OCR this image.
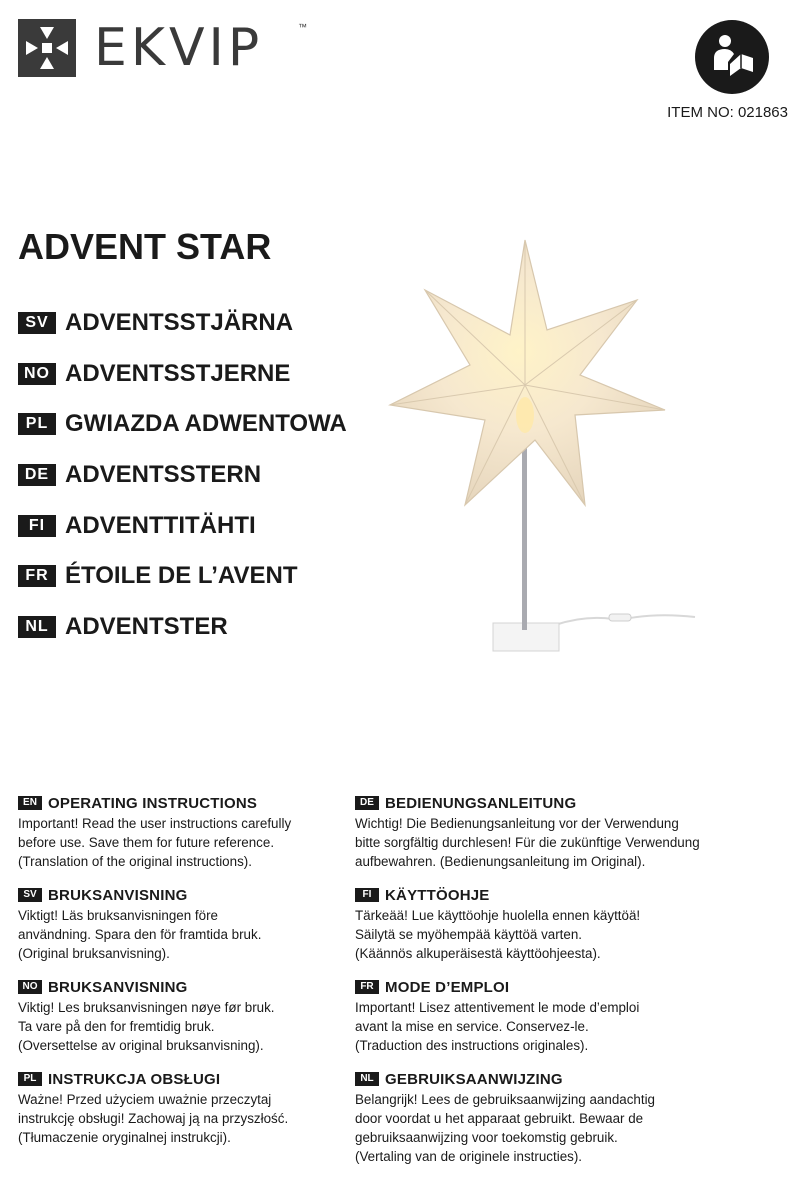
EKVIP	™
ITEM NO: 021863
ADVENT STAR
SV ADVENTSSTJÄRNA
NO ADVENTSSTJERNE
PL GWIAZDA ADWENTOWA
DE ADVENTSSTERN
FI ADVENTTITÄHTI
FR ÉTOILE DE L’AVENT
NL ADVENTSTER
EN OPERATING INSTRUCTIONS

Important! Read the user instructions carefully
before use. Save them for future reference.
(Translation of the original instructions).

SV BRUKSANVISNING

Viktigt! Läs bruksanvisningen före
användning. Spara den för framtida bruk.
(Original bruksanvisning).

NO BRUKSANVISNING

Viktig! Les bruksanvisningen nøye før bruk.
Ta vare på den for fremtidig bruk.
(Oversettelse av original bruksanvisning).

PL INSTRUKCJA OBSŁUGI

Ważne! Przed użyciem uważnie przeczytaj
instrukcję obsługi! Zachowaj ją na przyszłość.
(Tłumaczenie oryginalnej instrukcji).

DE BEDIENUNGSANLEITUNG

Wichtig! Die Bedienungsanleitung vor der Verwendung
bitte sorgfältig durchlesen! Für die zukünftige Verwendung
aufbewahren. (Bedienungsanleitung im Original).

FI KÄYTTÖOHJE

Tärkeää! Lue käyttöohje huolella ennen käyttöä!
Säilytä se myöhempää käyttöä varten.
(Käännös alkuperäisestä käyttöohjeesta).

FR MODE D’EMPLOI

Important! Lisez attentivement le mode d’emploi
avant la mise en service. Conservez-le.
(Traduction des instructions originales).

NL GEBRUIKSAANWIJZING

Belangrijk! Lees de gebruiksaanwijzing aandachtig
door voordat u het apparaat gebruikt. Bewaar de
gebruiksaanwijzing voor toekomstig gebruik.
(Vertaling van de originele instructies).
